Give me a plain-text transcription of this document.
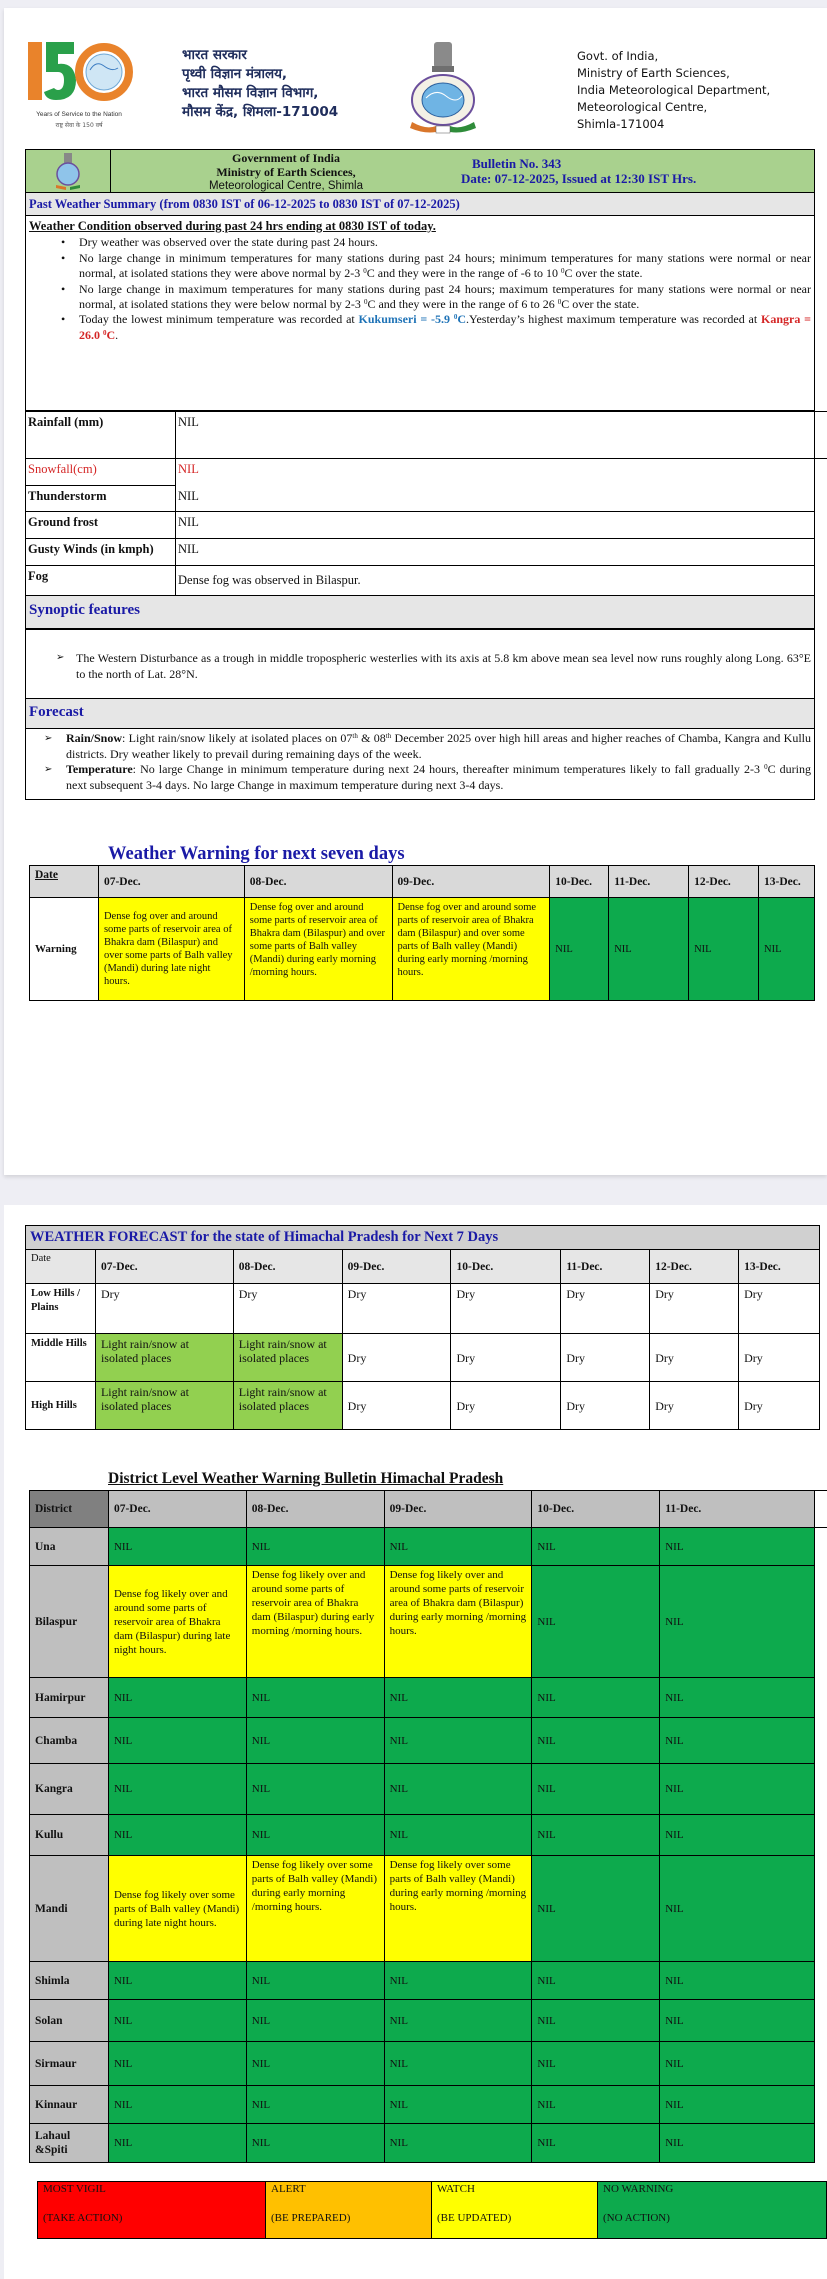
Years of Service to the Nation
राष्ट्र सेवा के 150 वर्ष
भारत सरकार
पृथ्वी विज्ञान मंत्रालय,
भारत मौसम विज्ञान विभाग,
मौसम केंद्र, शिमला-171004
Govt. of India,
Ministry of Earth Sciences,
India Meteorological Department,
Meteorological Centre,
Shimla-171004
Government of India
Ministry of Earth Sciences,
Meteorological Centre, Shimla
Bulletin No. 343
Date: 07-12-2025, Issued at 12:30 IST Hrs.
Past Weather Summary (from 0830 IST of 06-12-2025 to 0830 IST of 07-12-2025)
Weather Condition observed during past 24 hrs ending at 0830 IST of today.
• Dry weather was observed over the state during past 24 hours.
• No large change in minimum temperatures for many stations during past 24 hours; minimum temperatures for many stations were normal or near normal, at isolated stations they were above normal by 2-3 $^0$C and they were in the range of -6 to 10 $^0$C over the state.
• No large change in maximum temperatures for many stations during past 24 hours; maximum temperatures for many stations were normal or near normal, at isolated stations they were below normal by 2-3 $^0$C and they were in the range of 6 to 26 $^0$C over the state.
• Today the lowest minimum temperature was recorded at Kukumseri = -5.9 $^0$C.Yesterday’s highest maximum temperature was recorded at Kangra = 26.0 $^0$C.
Rainfall (mm)	NIL
Snowfall(cm)	NIL
Thunderstorm	NIL
Ground frost	NIL
Gusty Winds (in kmph)	NIL
Fog	Dense fog was observed in Bilaspur.
Synoptic features
➢ The Western Disturbance as a trough in middle tropospheric westerlies with its axis at 5.8 km above mean sea level now runs roughly along Long. 63°E to the north of Lat. 28°N.
Forecast
➢ Rain/Snow: Light rain/snow likely at isolated places on 07th & 08th December 2025 over high hill areas and higher reaches of Chamba, Kangra and Kullu districts. Dry weather likely to prevail during remaining days of the week.
➢ Temperature: No large Change in minimum temperature during next 24 hours, thereafter minimum temperatures likely to fall gradually 2-3 $^0$C during next subsequent 3-4 days. No large Change in maximum temperature during next 3-4 days.
Weather Warning for next seven days
Date	07-Dec.	08-Dec.	09-Dec.	10-Dec.	11-Dec.	12-Dec.	13-Dec.
Warning	Dense fog over and around some parts of reservoir area of Bhakra dam (Bilaspur) and over some parts of Balh valley (Mandi) during late night hours.	Dense fog over and around some parts of reservoir area of Bhakra dam (Bilaspur) and over some parts of Balh valley (Mandi) during early morning /morning hours.	Dense fog over and around some parts of reservoir area of Bhakra dam (Bilaspur) and over some parts of Balh valley (Mandi) during early morning /morning hours.	NIL	NIL	NIL	NIL
WEATHER FORECAST for the state of Himachal Pradesh for Next 7 Days
Date	07-Dec.	08-Dec.	09-Dec.	10-Dec.	11-Dec.	12-Dec.	13-Dec.
Low Hills / Plains	Dry	Dry	Dry	Dry	Dry	Dry	Dry
Middle Hills	Light rain/snow at isolated places	Light rain/snow at isolated places	Dry	Dry	Dry	Dry	Dry
High Hills	Light rain/snow at isolated places	Light rain/snow at isolated places	Dry	Dry	Dry	Dry	Dry
District Level Weather Warning Bulletin Himachal Pradesh
District	07-Dec.	08-Dec.	09-Dec.	10-Dec.	11-Dec.
Una	NIL	NIL	NIL	NIL	NIL
Bilaspur	Dense fog likely over and around some parts of reservoir area of Bhakra dam (Bilaspur) during late night hours.	Dense fog likely over and around some parts of reservoir area of Bhakra dam (Bilaspur) during early morning /morning hours.	Dense fog likely over and around some parts of reservoir area of Bhakra dam (Bilaspur) during early morning /morning hours.	NIL	NIL
Hamirpur	NIL	NIL	NIL	NIL	NIL
Chamba	NIL	NIL	NIL	NIL	NIL
Kangra	NIL	NIL	NIL	NIL	NIL
Kullu	NIL	NIL	NIL	NIL	NIL
Mandi	Dense fog likely over some parts of Balh valley (Mandi) during late night hours.	Dense fog likely over some parts of Balh valley (Mandi) during early morning /morning hours.	Dense fog likely over some parts of Balh valley (Mandi) during early morning /morning hours.	NIL	NIL
Shimla	NIL	NIL	NIL	NIL	NIL
Solan	NIL	NIL	NIL	NIL	NIL
Sirmaur	NIL	NIL	NIL	NIL	NIL
Kinnaur	NIL	NIL	NIL	NIL	NIL
Lahaul &Spiti	NIL	NIL	NIL	NIL	NIL
MOST VIGIL
(TAKE ACTION)
ALERT
(BE PREPARED)
WATCH
(BE UPDATED)
NO WARNING
(NO ACTION)
